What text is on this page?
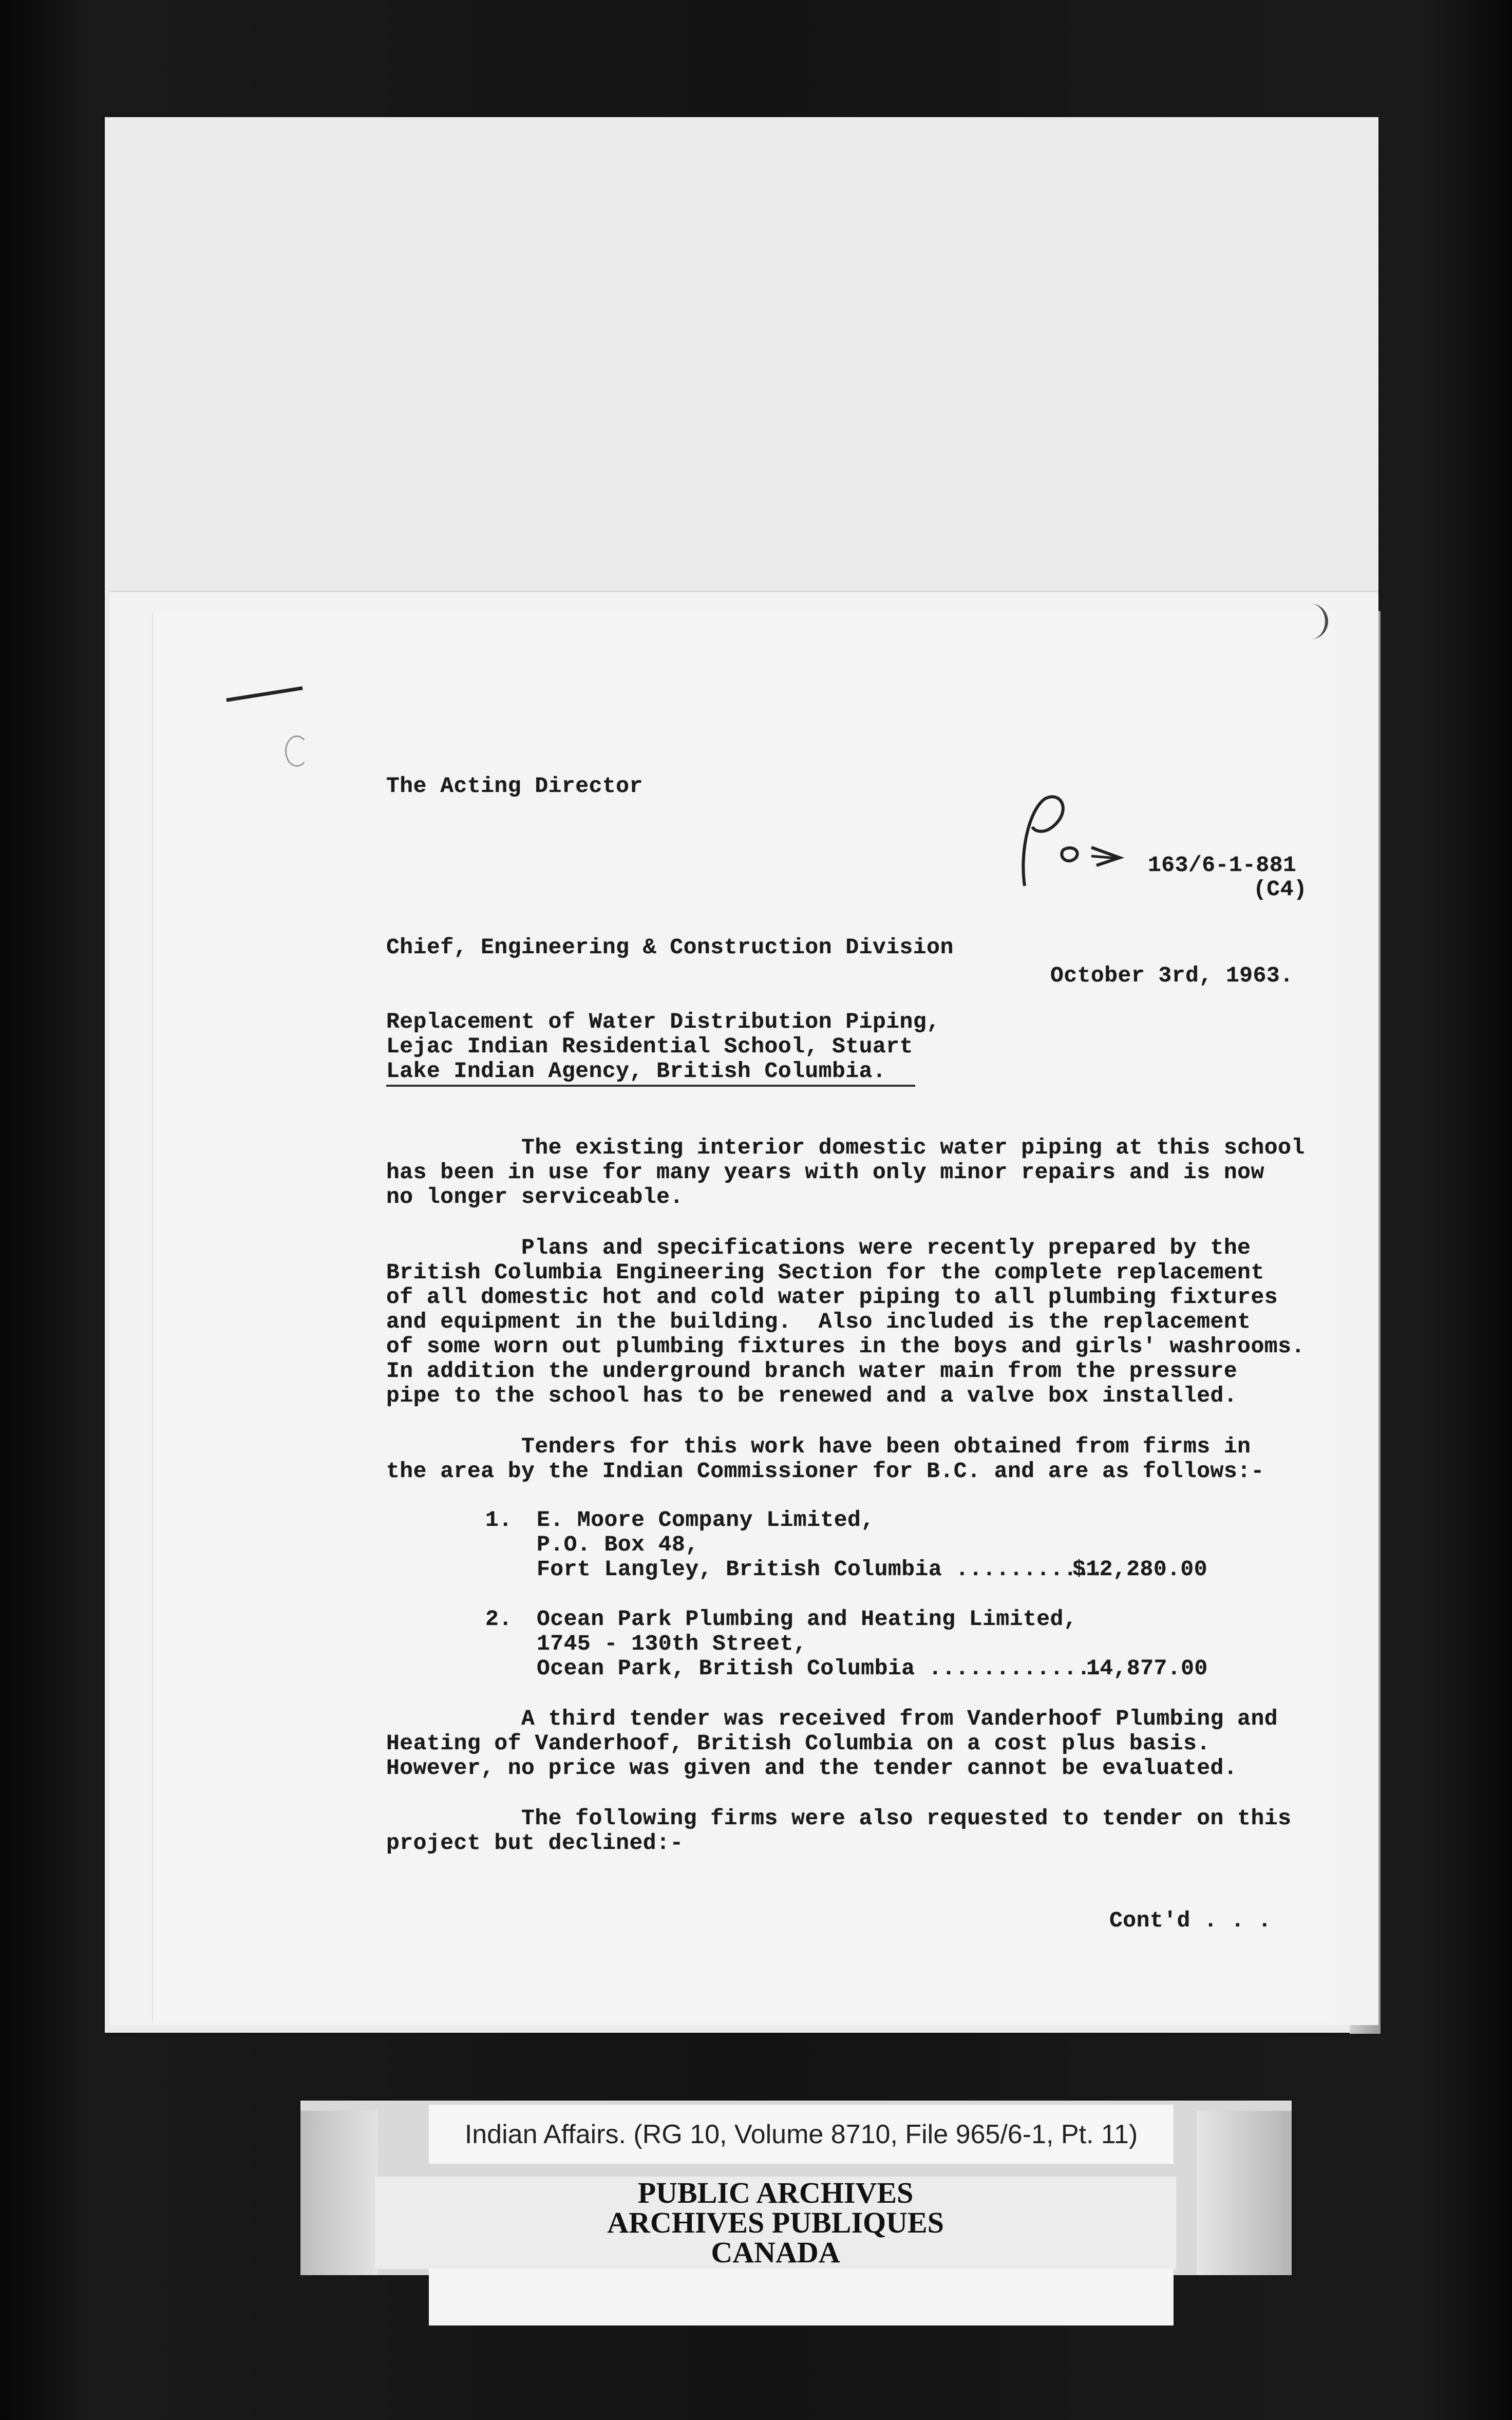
The Acting Director
163/6-1-881
(C4)
Chief, Engineering & Construction Division
October 3rd, 1963.
Replacement of Water Distribution Piping,
Lejac Indian Residential School, Stuart
Lake Indian Agency, British Columbia.
The existing interior domestic water piping at this school
has been in use for many years with only minor repairs and is now
no longer serviceable.
Plans and specifications were recently prepared by the
British Columbia Engineering Section for the complete replacement
of all domestic hot and cold water piping to all plumbing fixtures
and equipment in the building.  Also included is the replacement
of some worn out plumbing fixtures in the boys and girls' washrooms.
In addition the underground branch water main from the pressure
pipe to the school has to be renewed and a valve box installed.
Tenders for this work have been obtained from firms in
the area by the Indian Commissioner for B.C. and are as follows:-
1. E. Moore Company Limited,
P.O. Box 48,
Fort Langley, British Columbia ...........
$12,280.00
2. Ocean Park Plumbing and Heating Limited,
1745 - 130th Street,
Ocean Park, British Columbia .............
14,877.00
A third tender was received from Vanderhoof Plumbing and
Heating of Vanderhoof, British Columbia on a cost plus basis.
However, no price was given and the tender cannot be evaluated.
The following firms were also requested to tender on this
project but declined:-
Cont'd . . .
Indian Affairs. (RG 10, Volume 8710, File 965/6-1, Pt. 11)
PUBLIC ARCHIVES
ARCHIVES PUBLIQUES
CANADA
